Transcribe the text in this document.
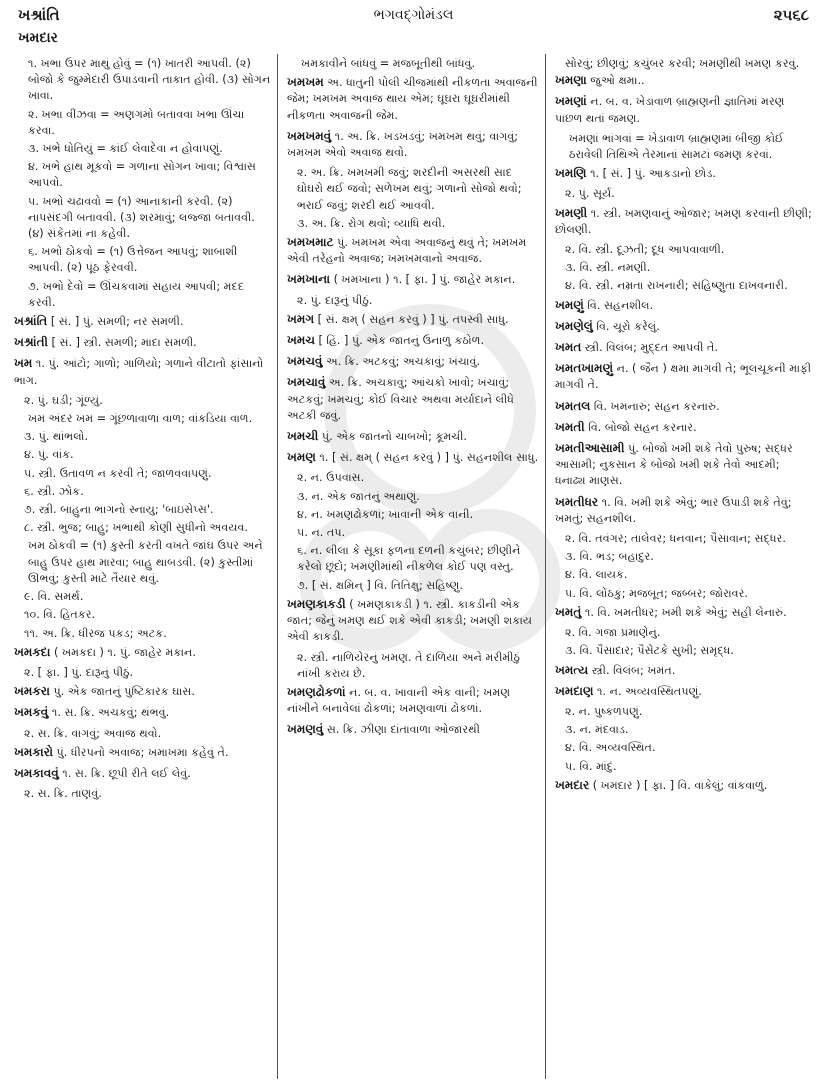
ખશ્રાંતિ	ભગવદ્ગોમંડલ	૨૫૬૮
ખમદાર
૧. ખભા ઉપર માથું હોવું = (૧) ખાતરી આપવી. (૨) બોજો કે જુમ્મેદારી ઉપાડવાની તાકાત હોવી. (૩) સોગન ખાવા.
૨. ખભા વીંઝવા = અણગમો બતાવવા ખભા ઊંચા કરવા.
૩. ખભે ધોતિયું = કાંઈ લેવાદેવા ન હોવાપણું.
૪. ખભે હાથ મૂકવો = ગળાના સોગન ખાવા; વિશ્વાસ આપવો.
૫. ખભો ચઢાવવો = (૧) આનાકાની કરવી. (૨) નાપસંદગી બતાવવી. (૩) શરમાવું; લજ્જા બતાવવી. (૪) સંકેતમાં ના કહેવી.
૬. ખભો ઠોકવો = (૧) ઉત્તેજન આપવું; શાબાશી આપવી. (૨) પૂંઠ ફેરવવી.
૭. ખભો દેવો = ઊંચકવામાં સહાય આપવી; મદદ કરવી.
ખશ્રાંતિ [ સં. ] પું. સમળી; નર સમળી.
ખશ્રાંતી [ સં. ] સ્ત્રી. સમળી; માદા સમળી.
ખમ ૧. પું. આંટો; ગાળો; ગાળિયો; ગળાને વીંટાતો ફાંસાનો ભાગ.
૨. પું. ઘડી; ગૂંળ્યું.
ખમ અંદર ખમ = ગૂંછળાવાળા વાળ; વાંકડિયા વાળ.
૩. પું. થાંભલો.
૪. પું. વાંક.
૫. સ્ત્રી. ઉતાવળ ન કરવી તે; જાળવવાપણું.
૬. સ્ત્રી. ઝોક.
૭. સ્ત્રી. બાહુના ભાગનો સ્નાયુ; 'બાઇસેપ્સ'.
૮. સ્ત્રી. ભુજ; બાહુ; ખભાથી કોણી સુધીનો અવયવ.
ખમ ઠોકવી = (૧) કુસ્તી કરતી વખતે જાંઘ ઉપર અને બાહુ ઉપર હાથ મારવા; બાહુ થાબડવી. (૨) કુસ્તીમાં ઊભવું; કુસ્તી માટે તૈયાર થવું.
૯. વિ. સમર્થ.
૧૦. વિ. હિતકર.
૧૧. અ. ક્રિ. ધીરજ પકડ; અટક.
ખમકદા ( ખમકદા ) ૧. પું. જાહેર મકાન.
૨. [ ફા. ] પું. દારૂનું પીઠું.
ખમકરા પું. એક જાતનું પુષ્ટિકારક ઘાસ.
ખમકવું ૧. સ. ક્રિ. અચકવું; થંભવું.
૨. સ. ક્રિ. વાગવું; અવાજ થવો.
ખમકારો પું. ધીરપનો અવાજ; ખમાખમા કહેવું તે.
ખમકાવવું ૧. સ. ક્રિ. છૂપી રીતે લઈ લેવું.
૨. સ. ક્રિ. તાણવું.
ખમકાવીને બાંધવું = મજબૂતીથી બાંધવું.
ખમખમ અ. ધાતુની પોલી ચીજમાંથી નીકળતા અવાજની જેમ; ખમખમ અવાજ થાય એમ; ઘૂઘરા ઘૂઘરીમાંથી નીકળતા અવાજની જેમ.
ખમખમવું ૧. અ. ક્રિ. ખડખડવું; ખમખમ થવું; વાગવું; ખમખમ એવો અવાજ થવો.
૨. અ. ક્રિ. ખમખમી જવું; શરદીની અસરથી સાદ ઘોઘરો થઈ જવો; સળેખમ થવું; ગળાનો સોજો થવો; ભરાઈ જવું; શરદી થઈ આવવી.
૩. અ. ક્રિ. રોગ થવો; વ્યાધિ થવી.
ખમખમાટ પું. ખમખમ એવા અવાજનું થવું તે; ખમખમ એવી તરેહનો અવાજ; ખમખમવાનો અવાજ.
ખમખાના ( ખમખાના ) ૧. [ ફા. ] પું. જાહેર મકાન.
૨. પું. દારૂનું પીઠું.
ખમગ [ સં. ક્ષમ્ ( સહન કરવું ) ] પું. તપસ્વી સાધુ.
ખમચ [ હિં. ] પું. એક જાતનું ઉનાળુ કઠોળ.
ખમચવું અ. ક્રિ. અટકવું; અચકાવું; ખંચાવું.
ખમચાવું અ. ક્રિ. અચકાવું; આંચકો ખાવો; ખંચાવું; અટકવું; ખમચવું; કોઈ વિચાર અથવા મર્યાદાને લીધે અટકી જવું.
ખમચી પું. એક જાતનો ચાબખો; કૂમચી.
ખમણ ૧. [ સં. ક્ષમ્ ( સહન કરવું ) ] પું. સહનશીલ સાધુ.
૨. ન. ઉપવાસ.
૩. ન. એક જાતનું અથાણું.
૪. ન. ખમણઢોકળાં; ખાવાની એક વાની.
૫. ન. તપ.
૬. ન. લીલા કે સૂકા ફળના દળની કચુંબર; છીણીને કરેલો છૂંદો; ખમણીમાંથી નીકળેલ કોઈ પણ વસ્તુ.
૭. [ સં. ક્ષમિન્ ] વિ. તિતિક્ષુ; સહિષ્ણુ.
ખમણકાકડી ( ખમણકાકડી ) ૧. સ્ત્રી. કાકડીની એક જાત; જેનું ખમણ થઈ શકે એવી કાકડી; ખમણી શકાય એવી કાકડી.
૨. સ્ત્રી. નાળિયેરનું ખમણ. તે દાળિયા અને મરીમીઠું નાંખી કરાય છે.
ખમણઢોકળાં ન. બ. વ. ખાવાની એક વાની; ખમણ નાંખીને બનાવેલાં ઢોકળાં; ખમણવાળાં ઢોકળાં.
ખમણવું સ. ક્રિ. ઝીણા દાંતાવાળા ઓજારથી
સોરવું; છીણવું; કચુંબર કરવી; ખમણીથી ખમણ કરવું.
ખમણા જુઓ ક્ષમા..
ખમણાં ન. બ. વ. ખેડાવાળ બ્રાહ્મણની જ્ઞાતિમાં મરણ પાછળ થતાં જમણ.
ખમણાં ભાંગવાં = ખેડાવાળ બ્રાહ્મણમાં બીજી કોઈ ઠરાવેલી તિથિએ તેરમાનાં સામટાં જમણ કરવાં.
ખમણિ ૧. [ સં. ] પું. આકડાનો છોડ.
૨. પું. સૂર્ય.
ખમણી ૧. સ્ત્રી. ખમણવાનું ઓજાર; ખમણ કરવાની છીણી; છોલણી.
૨. વિ. સ્ત્રી. દૂઝતી; દૂધ આપવાવાળી.
૩. વિ. સ્ત્રી. નમણી.
૪. વિ. સ્ત્રી. નમ્રતા રાખનારી; સહિષ્ણુતા દાખવનારી.
ખમણું વિ. સહનશીલ.
ખમણેલું વિ. ચૂરો કરેલું.
ખમત સ્ત્રી. વિલંબ; મુદ્દત આપવી તે.
ખમતખામણું ન. ( જૈન ) ક્ષમા માગવી તે; ભૂલચૂકની માફી માગવી તે.
ખમતલ વિ. ખમનારું; સહન કરનારું.
ખમતી વિ. બોજો સહન કરનાર.
ખમતીઆસામી પું. બોજો ખમી શકે તેવો પુરુષ; સદ્ધર આસામી; નુકસાન કે બોજો ખમી શકે તેવો આદમી; ધનાઢ્ય માણસ.
ખમતીધર ૧. વિ. ખમી શકે એવું; ભાર ઉપાડી શકે તેવું; ખમતું; સહનશીલ.
૨. વિ. તવંગર; તાલેવર; ધનવાન; પૈસાવાન; સદ્ધર.
૩. વિ. ભડ; બહાદુર.
૪. વિ. લાયક.
૫. વિ. લોંઠકું; મજબૂત; જબ્બર; જોરાવર.
ખમતું ૧. વિ. ખમતીધર; ખમી શકે એવું; સહી લેનારું.
૨. વિ. ગજા પ્રમાણેનું.
૩. વિ. પૈસાદાર; પૈસેટકે સુખી; સમૃદ્ધ.
ખમત્ય સ્ત્રી. વિલંબ; ખમત.
ખમદાણ ૧. ન. અવ્યવસ્થિતપણું.
૨. ન. પુષ્કળપણું.
૩. ન. મંદવાડ.
૪. વિ. અવ્યવસ્થિત.
૫. વિ. માંદું.
ખમદાર ( ખમદાર ) [ ફા. ] વિ. વાંકેલું; વાંકવાળું.
